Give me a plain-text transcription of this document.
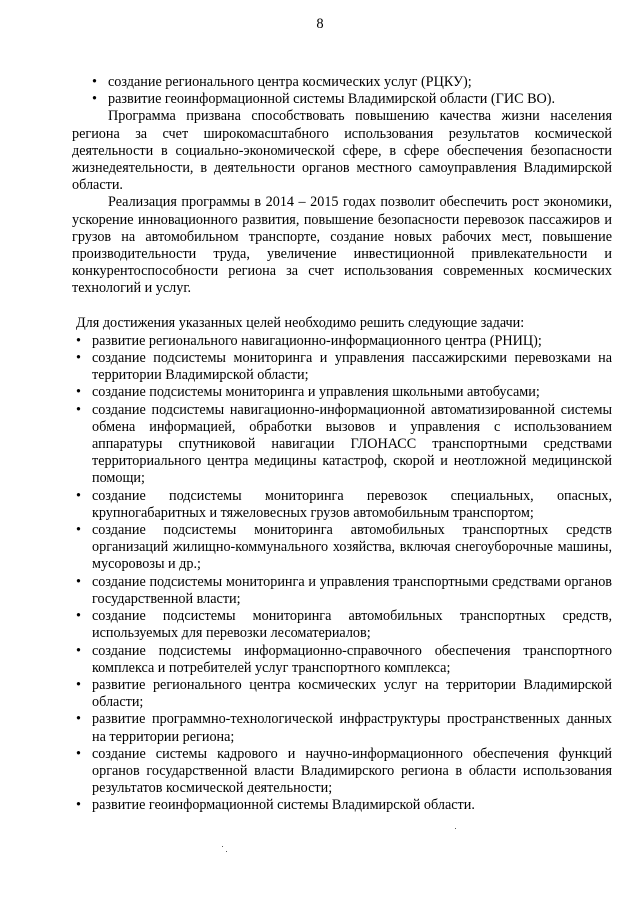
8
• создание регионального центра космических услуг (РЦКУ);
• развитие геоинформационной системы Владимирской области (ГИС ВО).

Программа призвана способствовать повышению качества жизни населения региона за счет широкомасштабного использования результатов космической деятельности в социально-экономической сфере, в сфере обеспечения безопасности жизнедеятельности, в деятельности органов местного самоуправления Владимирской области.

Реализация программы в 2014 – 2015 годах позволит обеспечить рост экономики, ускорение инновационного развития, повышение безопасности перевозок пассажиров и грузов на автомобильном транспорте, создание новых рабочих мест, повышение производительности труда, увеличение инвестиционной привлекательности и конкурентоспособности региона за счет использования современных космических технологий и услуг.

Для достижения указанных целей необходимо решить следующие задачи:

• развитие регионального навигационно-информационного центра (РНИЦ);
• создание подсистемы мониторинга и управления пассажирскими перевозками на территории Владимирской области;
• создание подсистемы мониторинга и управления школьными автобусами;
• создание подсистемы навигационно-информационной автоматизированной системы обмена информацией, обработки вызовов и управления с использованием аппаратуры спутниковой навигации ГЛОНАСС транспортными средствами территориального центра медицины катастроф, скорой и неотложной медицинской помощи;
• создание подсистемы мониторинга перевозок специальных, опасных, крупногабаритных и тяжеловесных грузов автомобильным транспортом;
• создание подсистемы мониторинга автомобильных транспортных средств организаций жилищно-коммунального хозяйства, включая снегоуборочные машины, мусоровозы и др.;
• создание подсистемы мониторинга и управления транспортными средствами органов государственной власти;
• создание подсистемы мониторинга автомобильных транспортных средств, используемых для перевозки лесоматериалов;
• создание подсистемы информационно-справочного обеспечения транспортного комплекса и потребителей услуг транспортного комплекса;
• развитие регионального центра космических услуг на территории Владимирской области;
• развитие программно-технологической инфраструктуры пространственных данных на территории региона;
• создание системы кадрового и научно-информационного обеспечения функций органов государственной власти Владимирского региона в области использования результатов космической деятельности;
• развитие геоинформационной системы Владимирской области.
